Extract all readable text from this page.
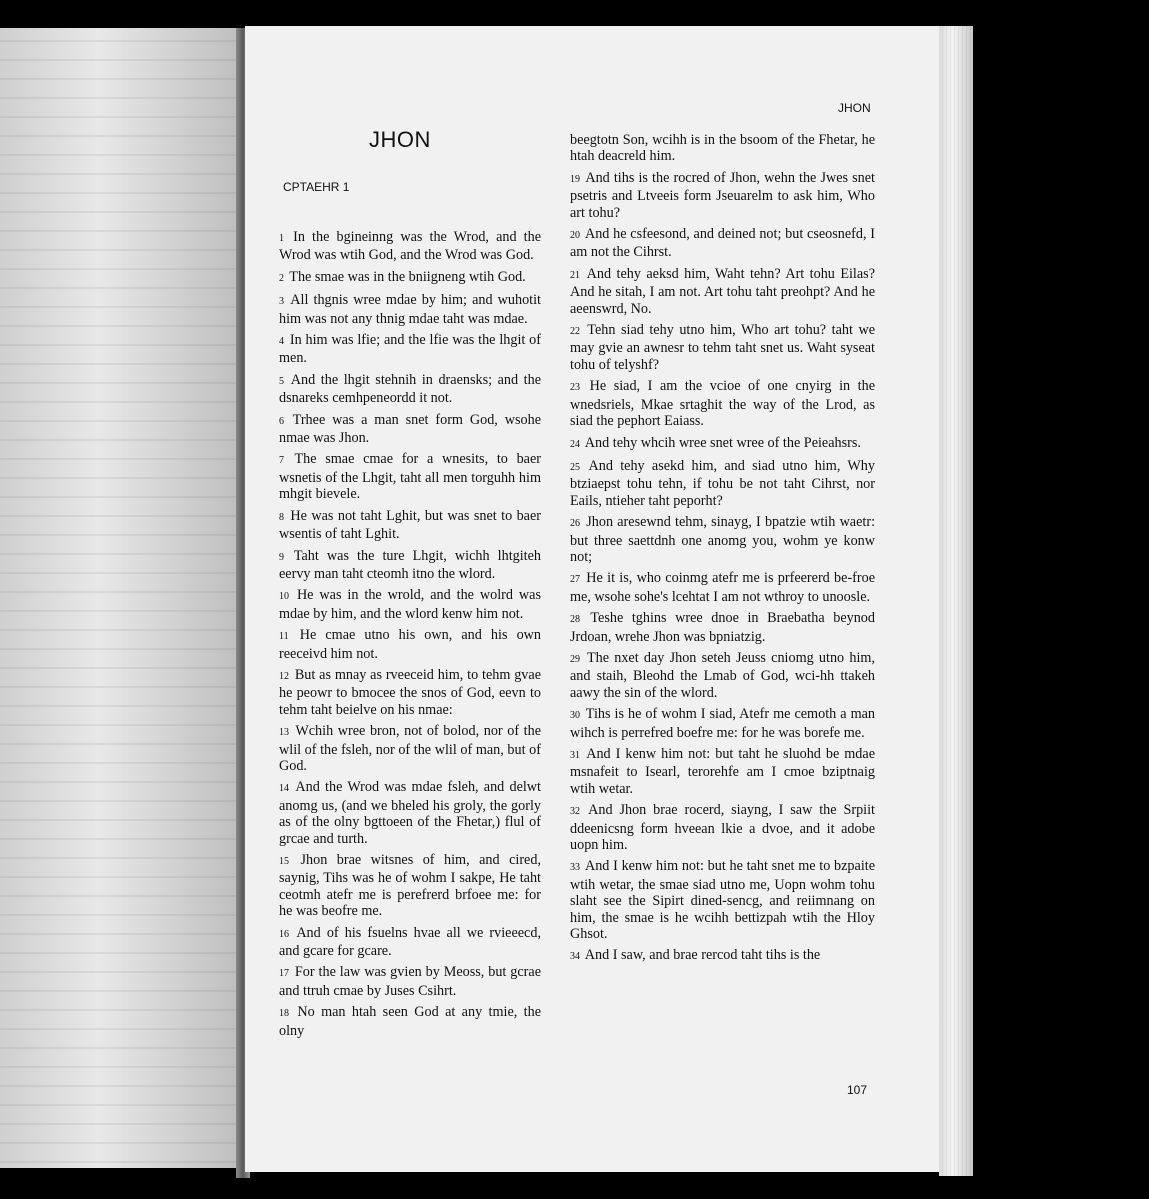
JHON
JHON
CPTAEHR 1

1 In the bgineinng was the Wrod, and the Wrod was wtih God, and the Wrod was God.

2 The smae was in the bniigneng wtih God.

3 All thgnis wree mdae by him; and wuhotit him was not any thnig mdae taht was mdae.

4 In him was lfie; and the lfie was the lhgit of men.

5 And the lhgit stehnih in draensks; and the dsnareks cemhpeneordd it not.

6 Trhee was a man snet form God, wsohe nmae was Jhon.

7 The smae cmae for a wnesits, to baer wsnetis of the Lhgit, taht all men torguhh him mhgit bievele.

8 He was not taht Lghit, but was snet to baer wsentis of taht Lghit.

9 Taht was the ture Lhgit, wichh lhtgiteh eervy man taht cteomh itno the wlord.

10 He was in the wrold, and the wolrd was mdae by him, and the wlord kenw him not.

11 He cmae utno his own, and his own reeceivd him not.

12 But as mnay as rveeceid him, to tehm gvae he peowr to bmocee the snos of God, eevn to tehm taht beielve on his nmae:

13 Wchih wree bron, not of bolod, nor of the wlil of the fsleh, nor of the wlil of man, but of God.

14 And the Wrod was mdae fsleh, and delwt anomg us, (and we bheled his groly, the gorly as of the olny bgttoeen of the Fhetar,) flul of grcae and turth.

15 Jhon brae witsnes of him, and cired, saynig, Tihs was he of wohm I sakpe, He taht ceotmh atefr me is perefrerd brfoee me: for he was beofre me.

16 And of his fsuelns hvae all we rvieeecd, and gcare for gcare.

17 For the law was gvien by Meoss, but gcrae and ttruh cmae by Juses Csihrt.

18 No man htah seen God at any tmie, the olny

beegtotn Son, wcihh is in the bsoom of the Fhetar, he htah deacreld him.

19 And tihs is the rocred of Jhon, wehn the Jwes snet psetris and Ltveeis form Jseuarelm to ask him, Who art tohu?

20 And he csfeesond, and deined not; but cseosnefd, I am not the Cihrst.

21 And tehy aeksd him, Waht tehn? Art tohu Eilas? And he sitah, I am not. Art tohu taht preohpt? And he aeenswrd, No.

22 Tehn siad tehy utno him, Who art tohu? taht we may gvie an awnesr to tehm taht snet us. Waht syseat tohu of telyshf?

23 He siad, I am the vcioe of one cnyirg in the wnedsriels, Mkae srtaghit the way of the Lrod, as siad the pephort Eaiass.

24 And tehy whcih wree snet wree of the Peieahsrs.

25 And tehy asekd him, and siad utno him, Why btziaepst tohu tehn, if tohu be not taht Cihrst, nor Eails, ntieher taht peporht?

26 Jhon aresewnd tehm, sinayg, I bpatzie wtih waetr: but three saettdnh one anomg you, wohm ye konw not;

27 He it is, who coinmg atefr me is prfeererd be-froe me, wsohe sohe's lcehtat I am not wthroy to unoosle.

28 Teshe tghins wree dnoe in Braebatha beynod Jrdoan, wrehe Jhon was bpniatzig.

29 The nxet day Jhon seteh Jeuss cniomg utno him, and staih, Bleohd the Lmab of God, wci-hh ttakeh aawy the sin of the wlord.

30 Tihs is he of wohm I siad, Atefr me cemoth a man wihch is perrefred boefre me: for he was borefe me.

31 And I kenw him not: but taht he sluohd be mdae msnafeit to Isearl, terorehfe am I cmoe bziptnaig wtih wetar.

32 And Jhon brae rocerd, siayng, I saw the Srpiit ddeenicsng form hveean lkie a dvoe, and it adobe uopn him.

33 And I kenw him not: but he taht snet me to bzpaite wtih wetar, the smae siad utno me, Uopn wohm tohu slaht see the Sipirt dined-sencg, and reiimnang on him, the smae is he wcihh bettizpah wtih the Hloy Ghsot.

34 And I saw, and brae rercod taht tihs is the

107
